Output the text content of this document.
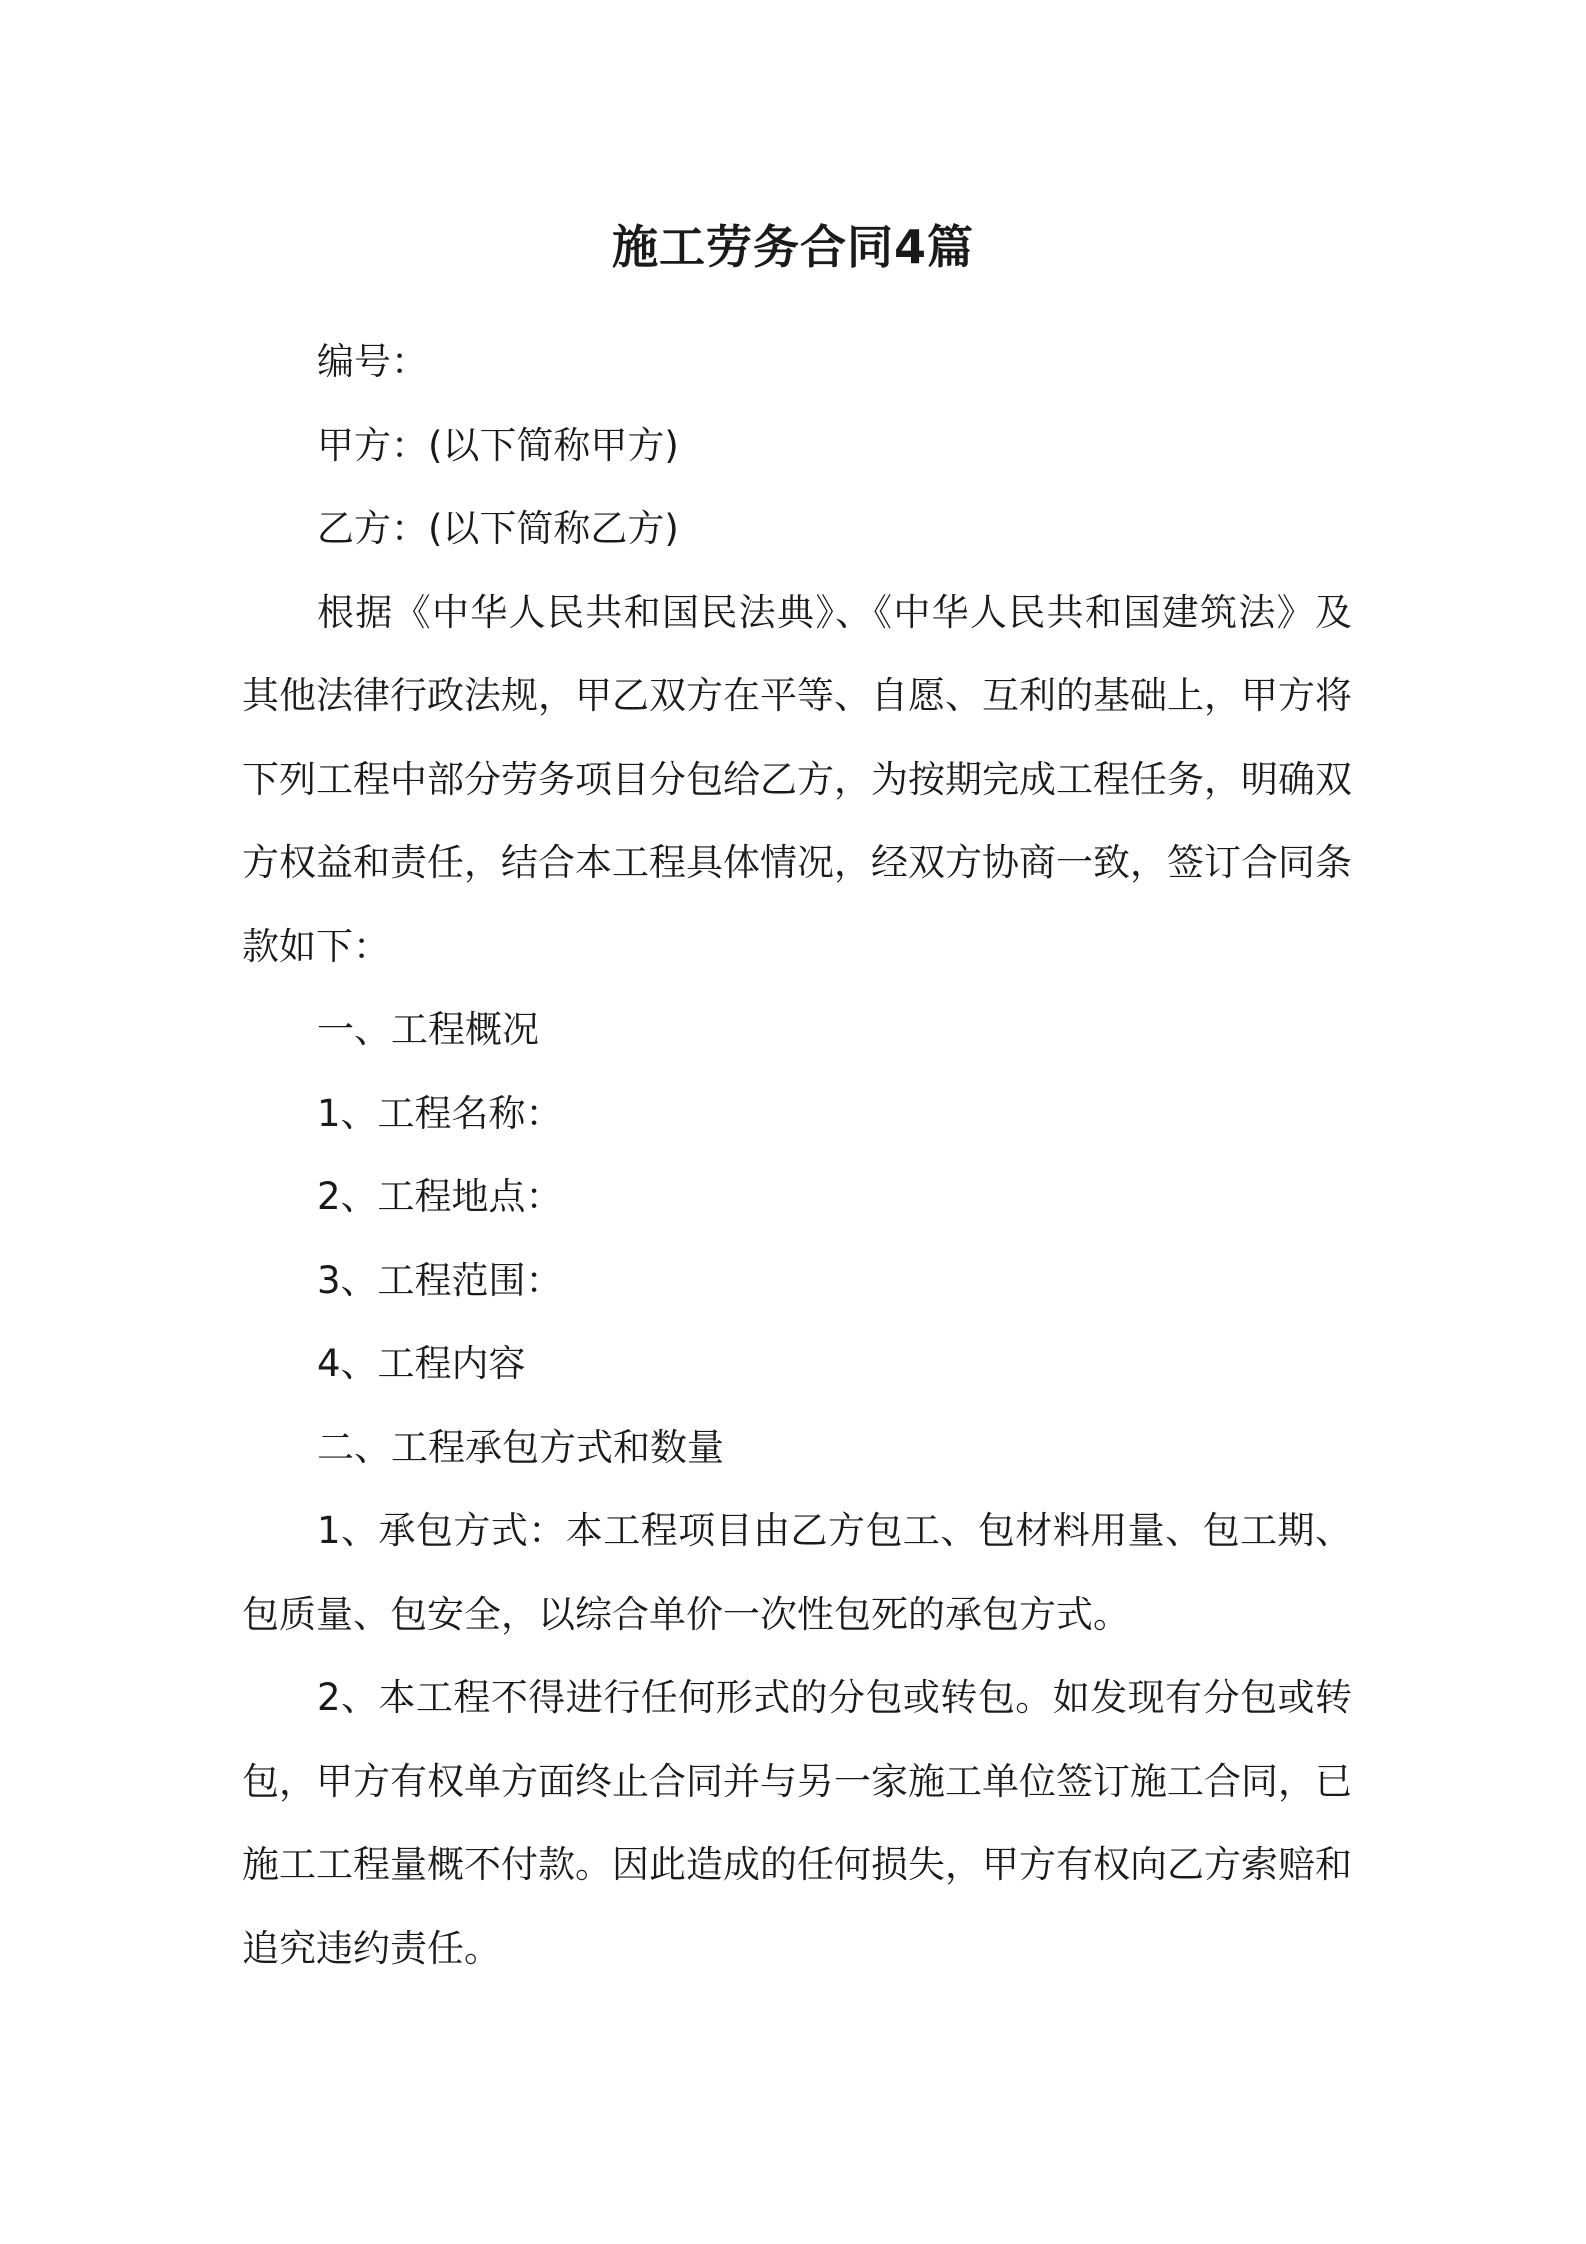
施工劳务合同4篇

编号：

甲方：(以下简称甲方)

乙方：(以下简称乙方)

根据《中华人民共和国民法典》、《中华人民共和国建筑法》及其他法律行政法规，甲乙双方在平等、自愿、互利的基础上，甲方将下列工程中部分劳务项目分包给乙方，为按期完成工程任务，明确双方权益和责任，结合本工程具体情况，经双方协商一致，签订合同条款如下：

一、工程概况

1、工程名称：

2、工程地点：

3、工程范围：

4、工程内容

二、工程承包方式和数量

1、承包方式：本工程项目由乙方包工、包材料用量、包工期、包质量、包安全，以综合单价一次性包死的承包方式。

2、本工程不得进行任何形式的分包或转包。如发现有分包或转包，甲方有权单方面终止合同并与另一家施工单位签订施工合同，已施工工程量概不付款。因此造成的任何损失，甲方有权向乙方索赔和追究违约责任。
